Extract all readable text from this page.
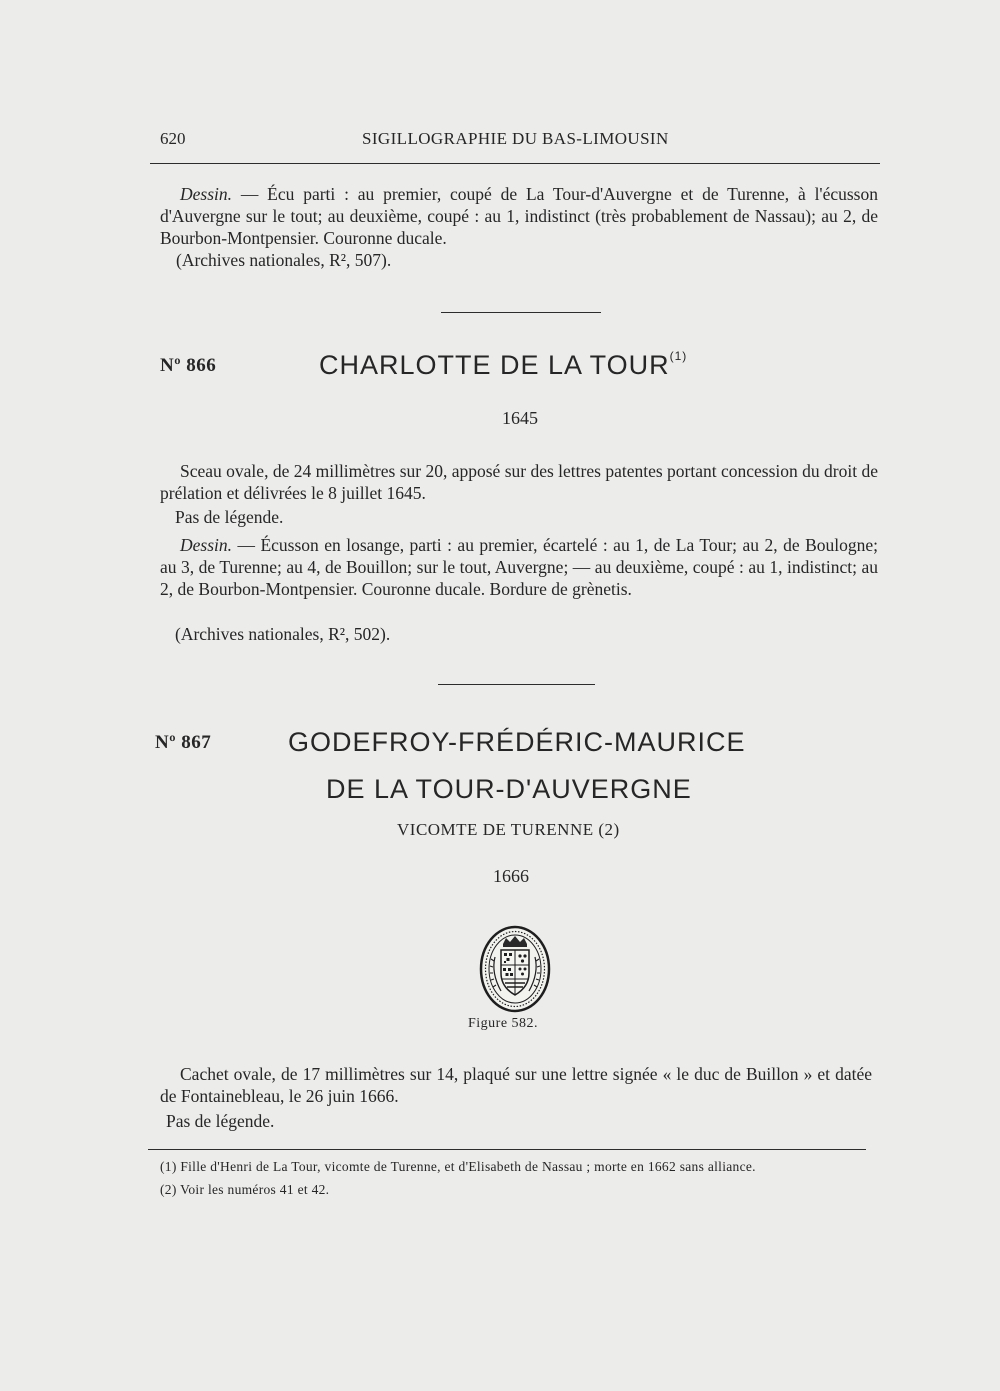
620	SIGILLOGRAPHIE DU BAS-LIMOUSIN
Dessin. — Écu parti : au premier, coupé de La Tour-d'Auvergne et de Turenne, à l'écusson d'Auvergne sur le tout; au deuxième, coupé : au 1, indistinct (très probablement de Nassau); au 2, de Bourbon-Montpensier. Couronne ducale.
(Archives nationales, R², 507).
Nº 866	CHARLOTTE DE LA TOUR$^{(1)}$
1645
Sceau ovale, de 24 millimètres sur 20, apposé sur des lettres patentes portant concession du droit de prélation et délivrées le 8 juillet 1645.
Pas de légende.
Dessin. — Écusson en losange, parti : au premier, écartelé : au 1, de La Tour; au 2, de Boulogne; au 3, de Turenne; au 4, de Bouillon; sur le tout, Auvergne; — au deuxième, coupé : au 1, indistinct; au 2, de Bourbon-Montpensier. Couronne ducale. Bordure de grènetis.
(Archives nationales, R², 502).
Nº 867	GODEFROY-FRÉDÉRIC-MAURICE
DE LA TOUR-D'AUVERGNE
VICOMTE DE TURENNE (2)
1666
Figure 582.
Cachet ovale, de 17 millimètres sur 14, plaqué sur une lettre signée « le duc de Buillon » et datée de Fontainebleau, le 26 juin 1666.
Pas de légende.
(1) Fille d'Henri de La Tour, vicomte de Turenne, et d'Elisabeth de Nassau ; morte en 1662 sans alliance.
(2) Voir les numéros 41 et 42.
